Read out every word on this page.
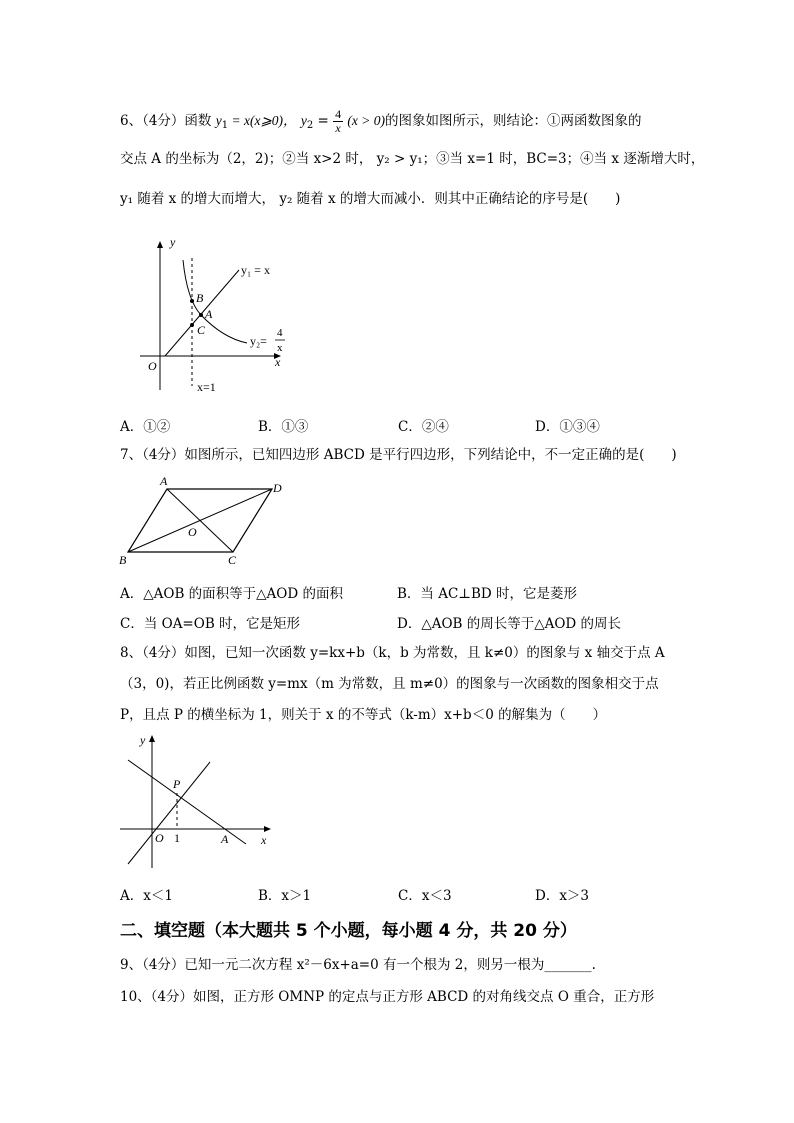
6、（4分）函数 $y_1$ = x(x⩾0)， $y_2 = \frac{4}{x} (x > 0)$的图象如图所示，则结论：①两函数图象的
交点 A 的坐标为（2，2)；②当 x>2 时， y₂ > y₁；③当 x=1 时，BC=3；④当 x 逐渐增大时，
y₁ 随着 x 的增大而增大， y₂ 随着 x 的增大而减小．则其中正确结论的序号是(　　)
y
x
O
B
A
C
y₁ = x
y₂=
4
x
x=1
A．①②	B．①③	C．②④	D．①③④
7、（4分）如图所示，已知四边形 ABCD 是平行四边形，下列结论中，不一定正确的是(　　)
A	D
B	C
O
A．△AOB 的面积等于△AOD 的面积	B．当 AC⊥BD 时，它是菱形
C．当 OA=OB 时，它是矩形	D．△AOB 的周长等于△AOD 的周长
8、（4分）如图，已知一次函数 y=kx+b（k，b 为常数，且 k≠0）的图象与 x 轴交于点 A
（3，0)，若正比例函数 y=mx（m 为常数，且 m≠0）的图象与一次函数的图象相交于点
P，且点 P 的横坐标为 1，则关于 x 的不等式（k-m）x+b＜0 的解集为（　　）
y
x
O
P
1	A
A．x＜1	B．x＞1	C．x＜3	D．x＞3
二、填空题（本大题共 5 个小题，每小题 4 分，共 20 分）
9、（4分）已知一元二次方程 x²－6x+a=0 有一个根为 2，则另一根为_______.
10、（4分）如图，正方形 OMNP 的定点与正方形 ABCD 的对角线交点 O 重合，正方形
